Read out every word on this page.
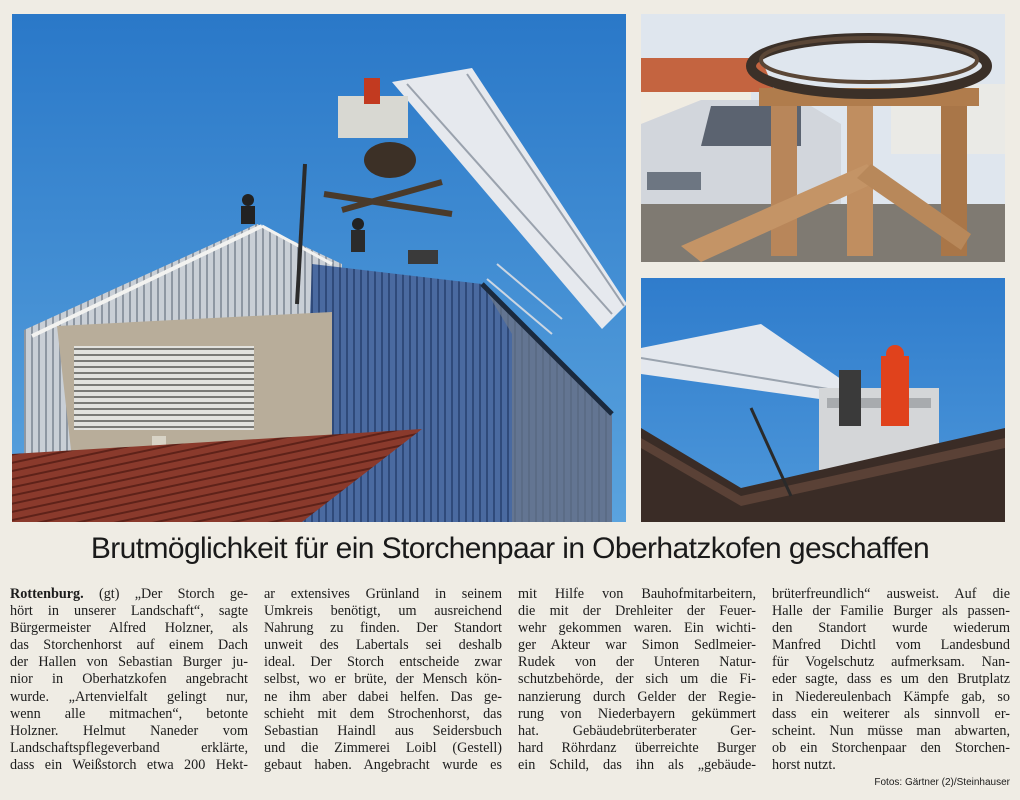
Brutmöglichkeit für ein Storchenpaar in Oberhatzkofen geschaffen
Rottenburg. (gt) „Der Storch ge-
hört in unserer Landschaft“, sagte
Bürgermeister Alfred Holzner, als
das Storchenhorst auf einem Dach
der Hallen von Sebastian Burger ju-
nior in Oberhatzkofen angebracht
wurde. „Artenvielfalt gelingt nur,
wenn alle mitmachen“, betonte
Holzner. Helmut Naneder vom
Landschaftspflegeverband erklärte,
dass ein Weißstorch etwa 200 Hekt-
ar extensives Grünland in seinem
Umkreis benötigt, um ausreichend
Nahrung zu finden. Der Standort
unweit des Labertals sei deshalb
ideal. Der Storch entscheide zwar
selbst, wo er brüte, der Mensch kön-
ne ihm aber dabei helfen. Das ge-
schieht mit dem Strochenhorst, das
Sebastian Haindl aus Seidersbuch
und die Zimmerei Loibl (Gestell)
gebaut haben. Angebracht wurde es
mit Hilfe von Bauhofmitarbeitern,
die mit der Drehleiter der Feuer-
wehr gekommen waren. Ein wichti-
ger Akteur war Simon Sedlmeier-
Rudek von der Unteren Natur-
schutzbehörde, der sich um die Fi-
nanzierung durch Gelder der Regie-
rung von Niederbayern gekümmert
hat. Gebäudebrüterberater Ger-
hard Röhrdanz überreichte Burger
ein Schild, das ihn als „gebäude-
brüterfreundlich“ ausweist. Auf die
Halle der Familie Burger als passen-
den Standort wurde wiederum
Manfred Dichtl vom Landesbund
für Vogelschutz aufmerksam. Nan-
eder sagte, dass es um den Brutplatz
in Niedereulenbach Kämpfe gab, so
dass ein weiterer als sinnvoll er-
scheint. Nun müsse man abwarten,
ob ein Storchenpaar den Storchen-
horst nutzt.
Fotos: Gärtner (2)/Steinhauser
